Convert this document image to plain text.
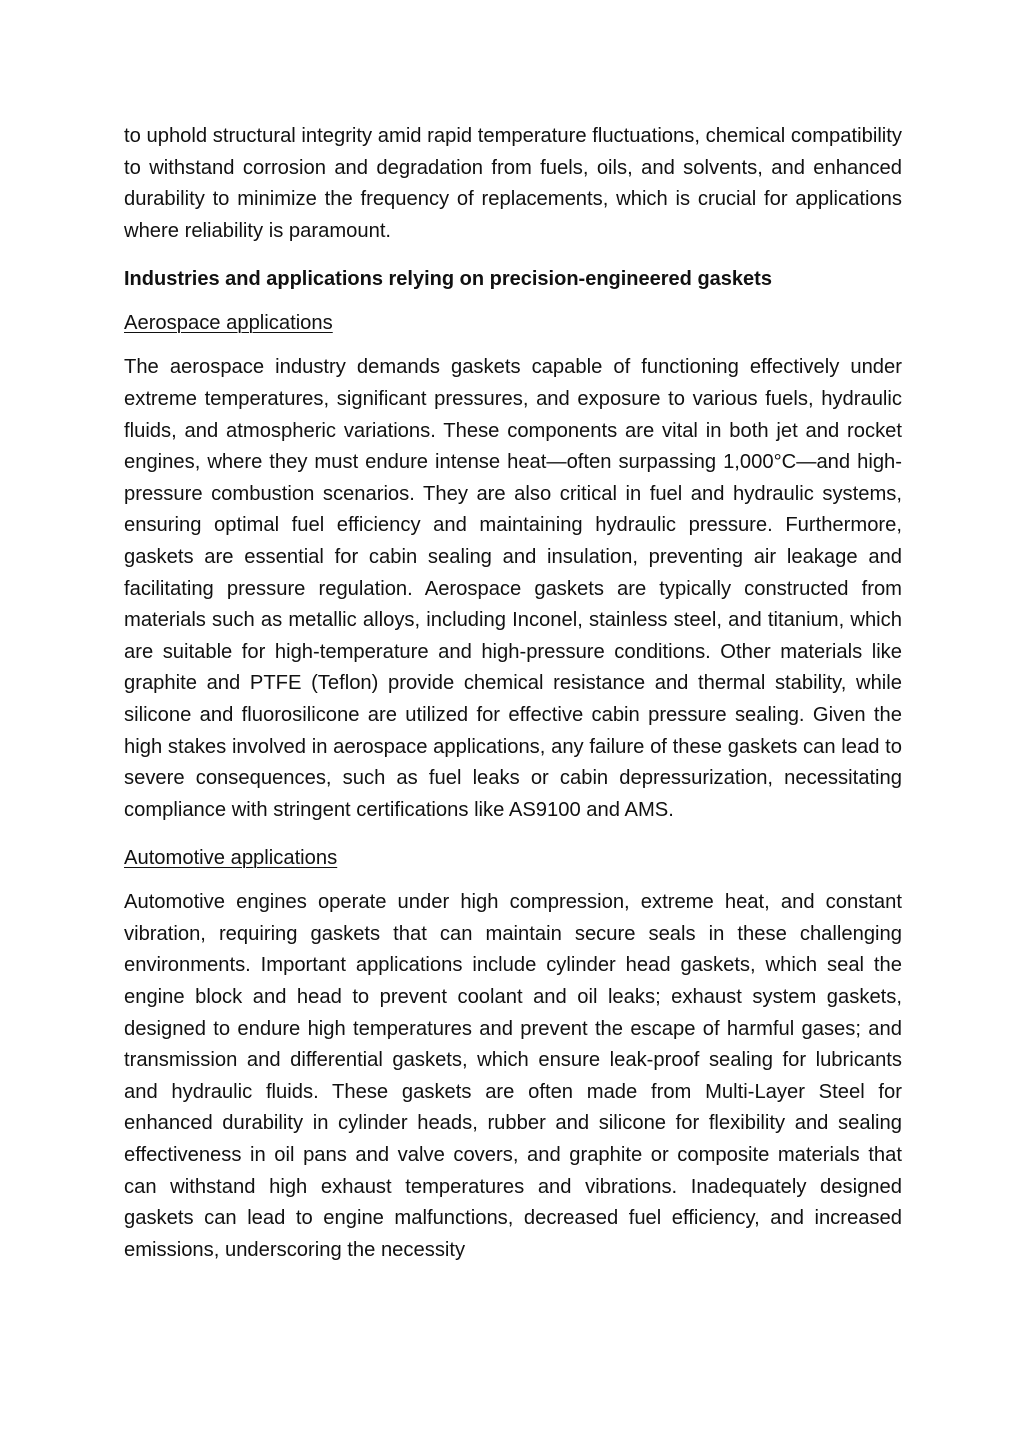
to uphold structural integrity amid rapid temperature fluctuations, chemical compatibility to withstand corrosion and degradation from fuels, oils, and solvents, and enhanced durability to minimize the frequency of replacements, which is crucial for applications where reliability is paramount.

Industries and applications relying on precision-engineered gaskets

Aerospace applications

The aerospace industry demands gaskets capable of functioning effectively under extreme temperatures, significant pressures, and exposure to various fuels, hydraulic fluids, and atmospheric variations. These components are vital in both jet and rocket engines, where they must endure intense heat—often surpassing 1,000°C—and high-pressure combustion scenarios. They are also critical in fuel and hydraulic systems, ensuring optimal fuel efficiency and maintaining hydraulic pressure. Furthermore, gaskets are essential for cabin sealing and insulation, preventing air leakage and facilitating pressure regulation. Aerospace gaskets are typically constructed from materials such as metallic alloys, including Inconel, stainless steel, and titanium, which are suitable for high-temperature and high-pressure conditions. Other materials like graphite and PTFE (Teflon) provide chemical resistance and thermal stability, while silicone and fluorosilicone are utilized for effective cabin pressure sealing. Given the high stakes involved in aerospace applications, any failure of these gaskets can lead to severe consequences, such as fuel leaks or cabin depressurization, necessitating compliance with stringent certifications like AS9100 and AMS.

Automotive applications

Automotive engines operate under high compression, extreme heat, and constant vibration, requiring gaskets that can maintain secure seals in these challenging environments. Important applications include cylinder head gaskets, which seal the engine block and head to prevent coolant and oil leaks; exhaust system gaskets, designed to endure high temperatures and prevent the escape of harmful gases; and transmission and differential gaskets, which ensure leak-proof sealing for lubricants and hydraulic fluids. These gaskets are often made from Multi-Layer Steel for enhanced durability in cylinder heads, rubber and silicone for flexibility and sealing effectiveness in oil pans and valve covers, and graphite or composite materials that can withstand high exhaust temperatures and vibrations. Inadequately designed gaskets can lead to engine malfunctions, decreased fuel efficiency, and increased emissions, underscoring the necessity
